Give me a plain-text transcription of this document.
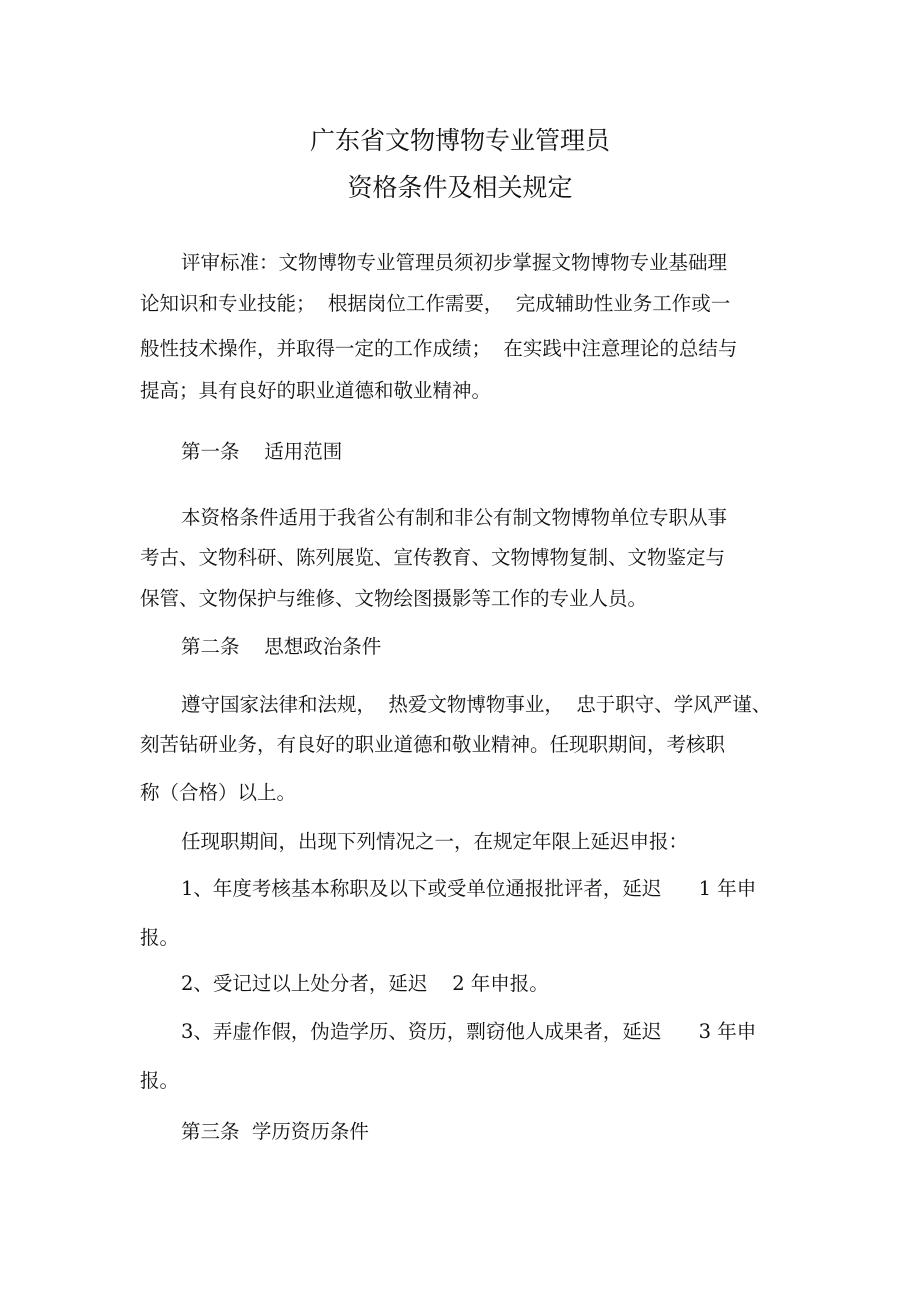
广东省文物博物专业管理员
资格条件及相关规定

评审标准：文物博物专业管理员须初步掌握文物博物专业基础理

论知识和专业技能；  根据岗位工作需要，  完成辅助性业务工作或一

般性技术操作，并取得一定的工作成绩；  在实践中注意理论的总结与

提高；具有良好的职业道德和敬业精神。

第一条    适用范围

本资格条件适用于我省公有制和非公有制文物博物单位专职从事

考古、文物科研、陈列展览、宣传教育、文物博物复制、文物鉴定与

保管、文物保护与维修、文物绘图摄影等工作的专业人员。

第二条    思想政治条件

遵守国家法律和法规，  热爱文物博物事业，  忠于职守、学风严谨、

刻苦钻研业务，有良好的职业道德和敬业精神。任现职期间，考核职

称（合格）以上。

任现职期间，出现下列情况之一，在规定年限上延迟申报：

1、年度考核基本称职及以下或受单位通报批评者，延迟      1 年申

报。

2、受记过以上处分者，延迟    2 年申报。

3、弄虚作假，伪造学历、资历，剽窃他人成果者，延迟      3 年申

报。

第三条  学历资历条件
